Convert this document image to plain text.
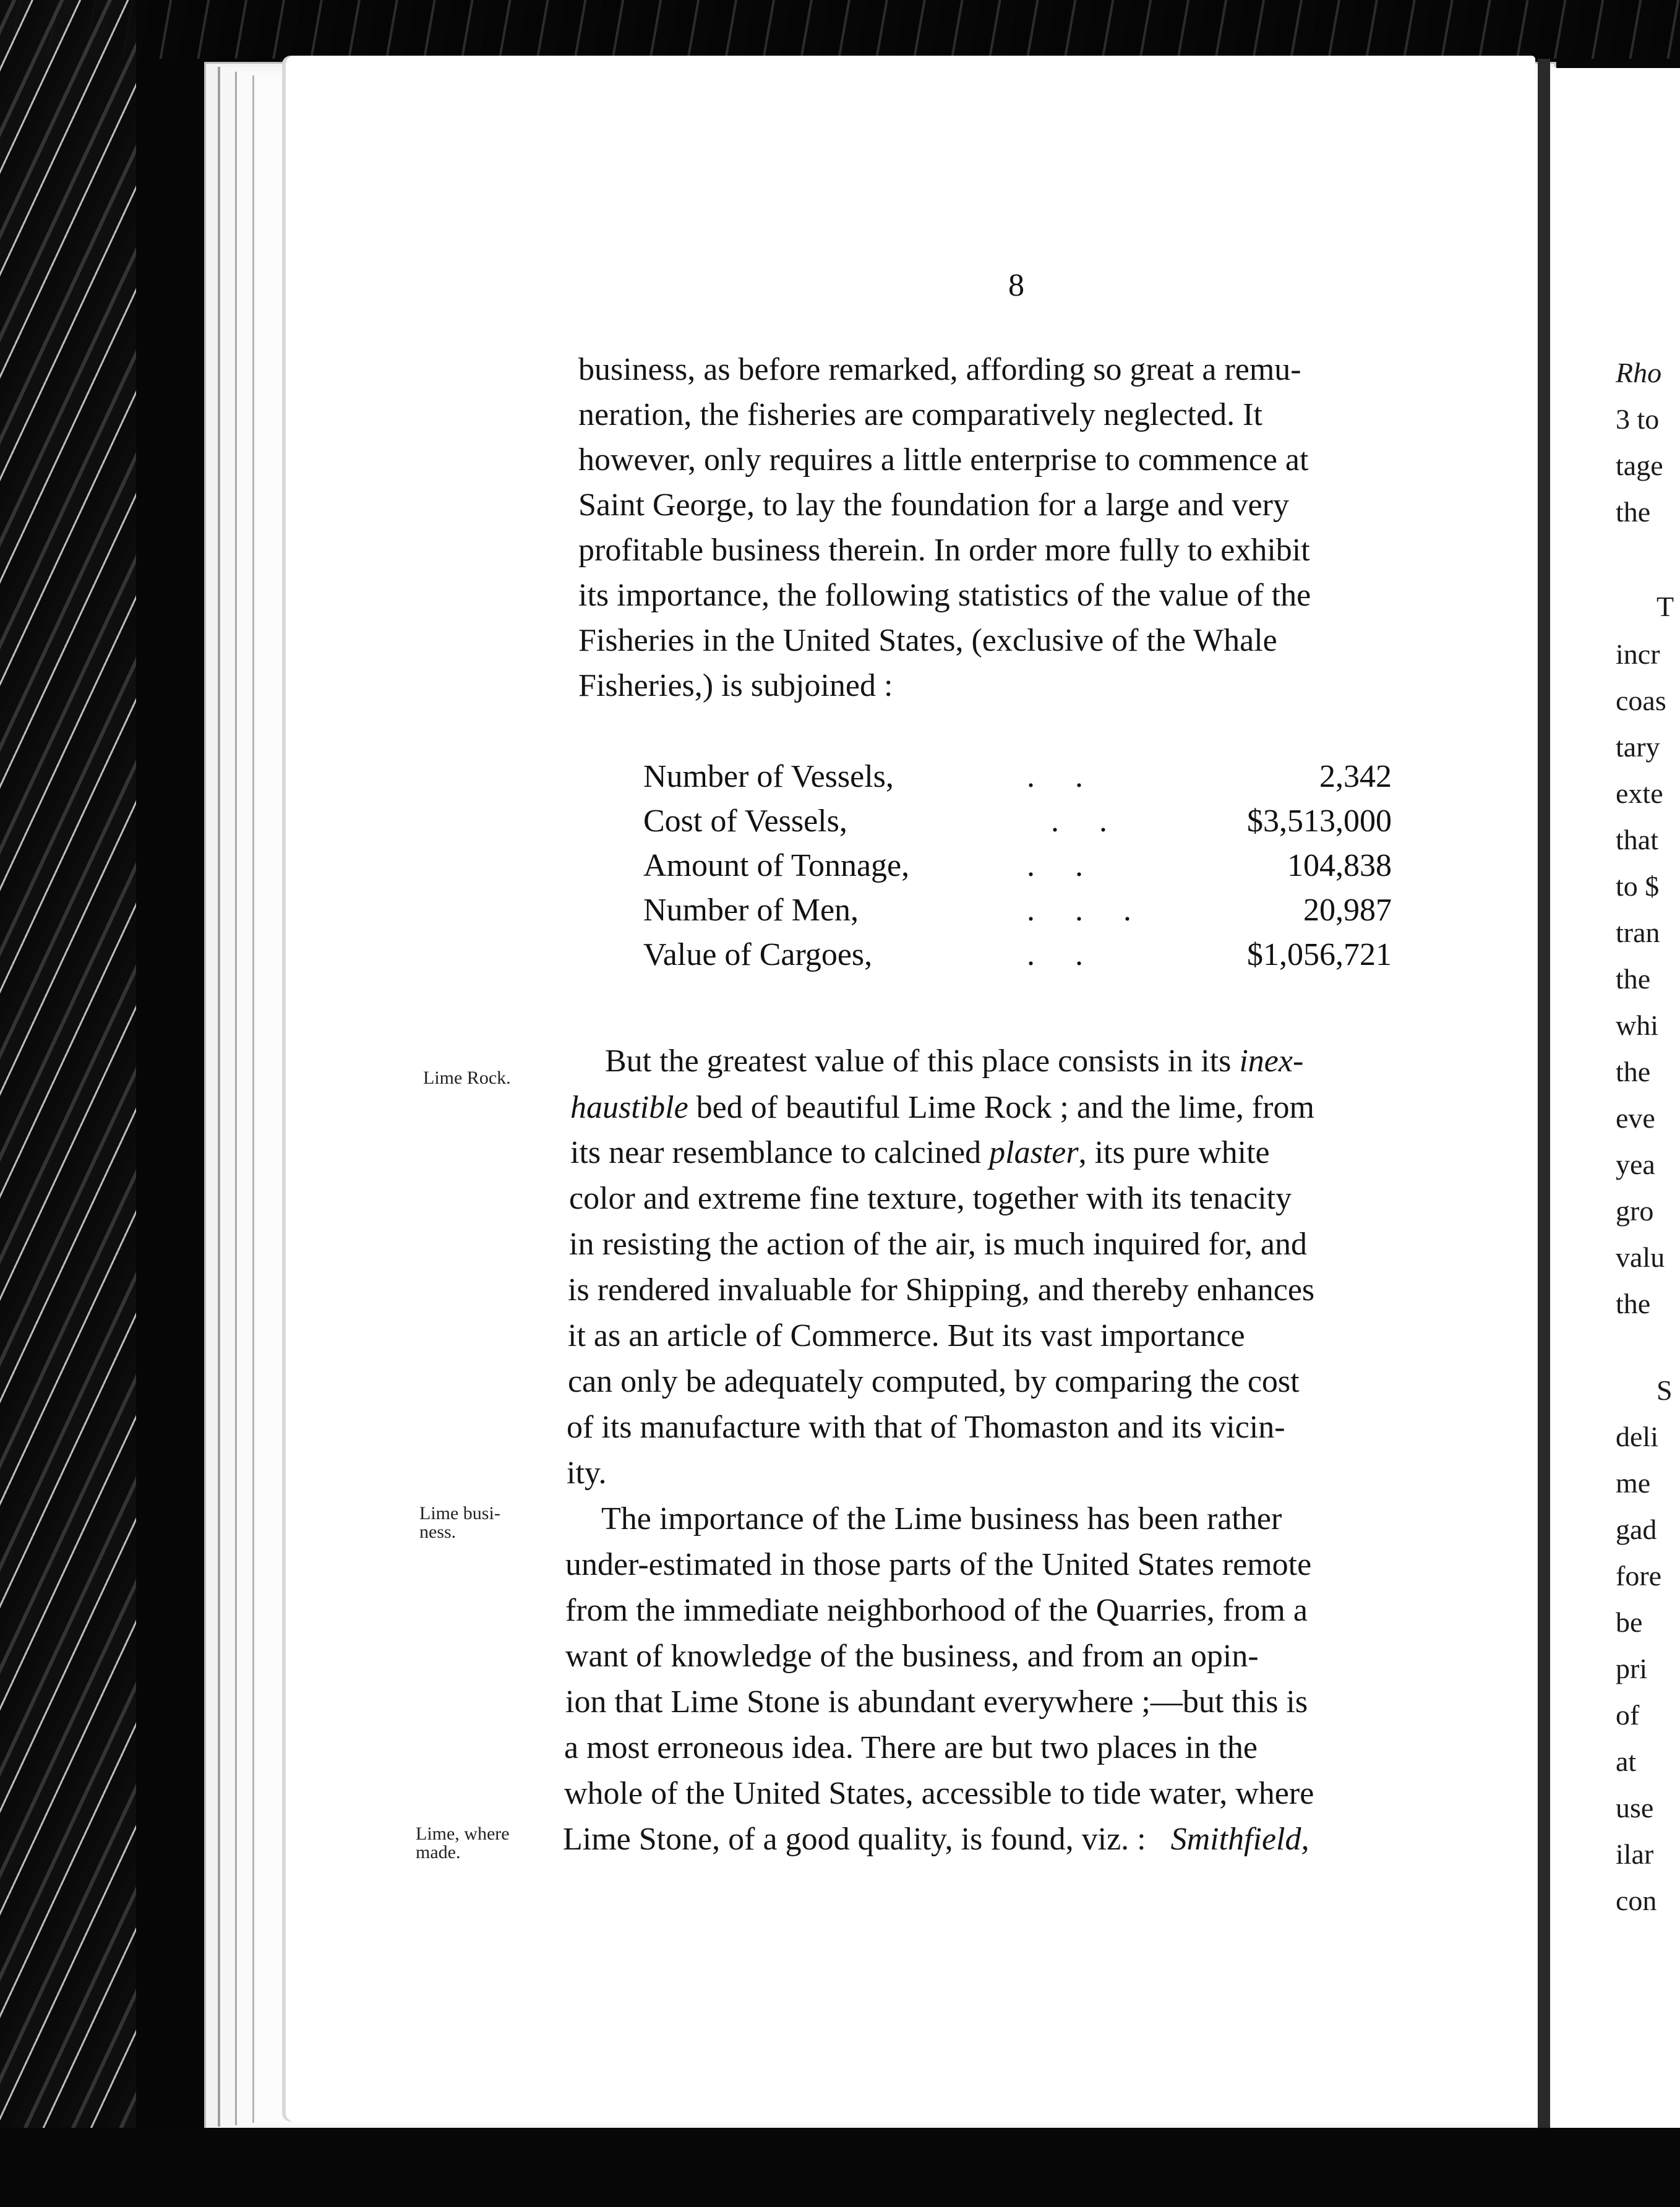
Rho
3 to
tage
the
T
incr
coas
tary
exte
that
to $
tran
the
whi
the
eve
yea
gro
valu
the
S
deli
me
gad
fore
be
pri
of
at
use
ilar
con
8
business, as before remarked, affording so great a remu-
neration, the fisheries are comparatively neglected. It
however, only requires a little enterprise to commence at
Saint George, to lay the foundation for a large and very
profitable business therein. In order more fully to exhibit
its importance, the following statistics of the value of the
Fisheries in the United States, (exclusive of the Whale
Fisheries,) is subjoined :
Number of Vessels,	.     .	2,342
Cost of Vessels,	.     .	$3,513,000
Amount of Tonnage,	.     .	104,838
Number of Men,	.     .     .	20,987
Value of Cargoes,	.     .	$1,056,721
Lime Rock.	But the greatest value of this place consists in its inex-
haustible bed of beautiful Lime Rock ; and the lime, from
its near resemblance to calcined plaster, its pure white
color and extreme fine texture, together with its tenacity
in resisting the action of the air, is much inquired for, and
is rendered invaluable for Shipping, and thereby enhances
it as an article of Commerce. But its vast importance
can only be adequately computed, by comparing the cost
of its manufacture with that of Thomaston and its vicin-
ity.
Lime busi-
ness.	The importance of the Lime business has been rather
under-estimated in those parts of the United States remote
from the immediate neighborhood of the Quarries, from a
want of knowledge of the business, and from an opin-
ion that Lime Stone is abundant everywhere ;—but this is
a most erroneous idea. There are but two places in the
whole of the United States, accessible to tide water, where
Lime Stone, of a good quality, is found, viz. : Smithfield,
Lime, where
made.
